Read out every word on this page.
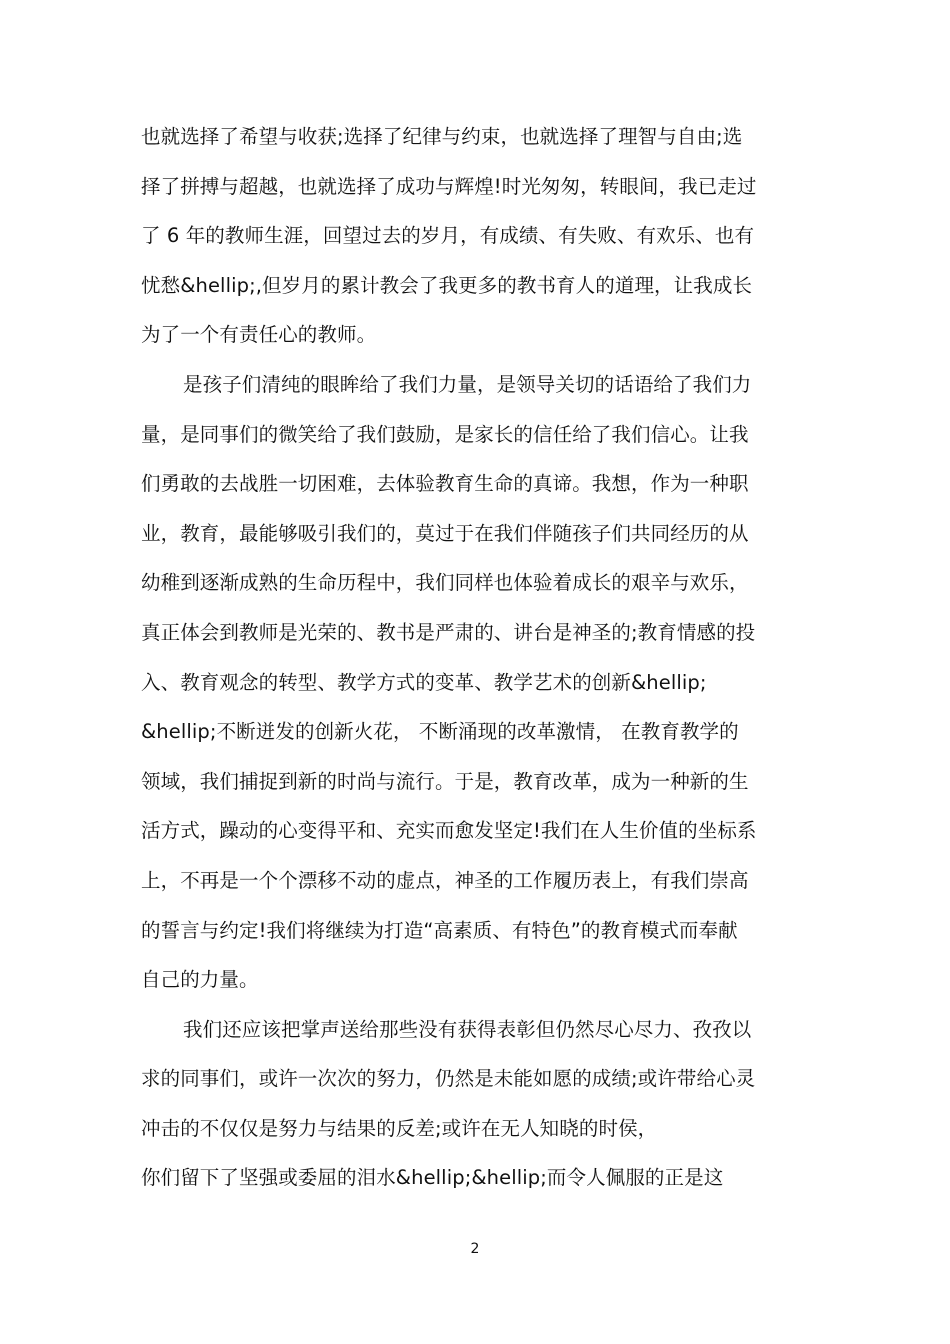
也就选择了希望与收获;选择了纪律与约束，也就选择了理智与自由;选
择了拼搏与超越，也就选择了成功与辉煌!时光匆匆，转眼间，我已走过
了 6 年的教师生涯，回望过去的岁月，有成绩、有失败、有欢乐、也有
忧愁&hellip;,但岁月的累计教会了我更多的教书育人的道理，让我成长
为了一个有责任心的教师。
是孩子们清纯的眼眸给了我们力量，是领导关切的话语给了我们力
量，是同事们的微笑给了我们鼓励，是家长的信任给了我们信心。让我
们勇敢的去战胜一切困难，去体验教育生命的真谛。我想，作为一种职
业，教育，最能够吸引我们的，莫过于在我们伴随孩子们共同经历的从
幼稚到逐渐成熟的生命历程中，我们同样也体验着成长的艰辛与欢乐，
真正体会到教师是光荣的、教书是严肃的、讲台是神圣的;教育情感的投
入、教育观念的转型、教学方式的变革、教学艺术的创新&hellip;
&hellip;不断迸发的创新火花， 不断涌现的改革激情， 在教育教学的
领域，我们捕捉到新的时尚与流行。于是，教育改革，成为一种新的生
活方式，躁动的心变得平和、充实而愈发坚定!我们在人生价值的坐标系
上，不再是一个个漂移不动的虚点，神圣的工作履历表上，有我们崇高
的誓言与约定!我们将继续为打造“高素质、有特色”的教育模式而奉献
自己的力量。
我们还应该把掌声送给那些没有获得表彰但仍然尽心尽力、孜孜以
求的同事们，或许一次次的努力，仍然是未能如愿的成绩;或许带给心灵
冲击的不仅仅是努力与结果的反差;或许在无人知晓的时侯，
你们留下了坚强或委屈的泪水&hellip;&hellip;而令人佩服的正是这
2
